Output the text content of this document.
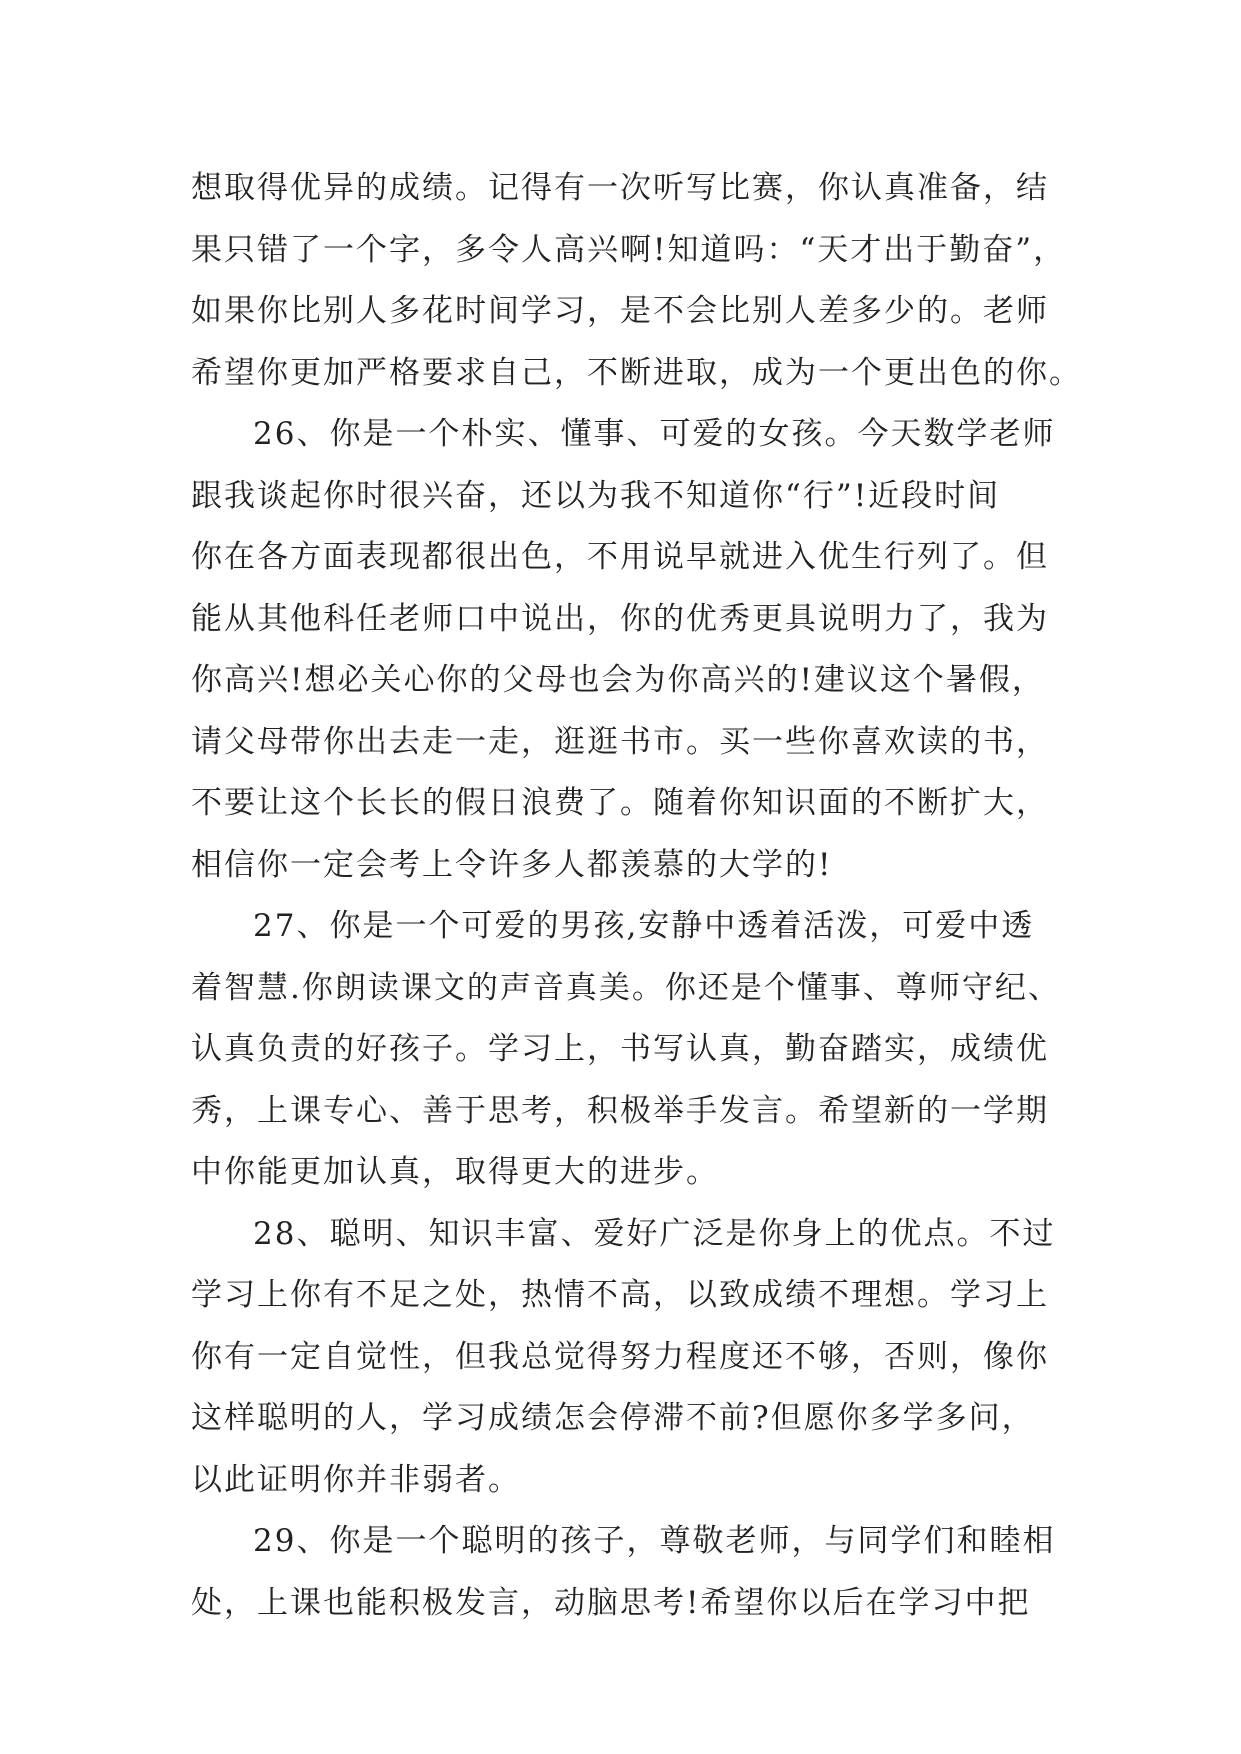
想取得优异的成绩。记得有一次听写比赛，你认真准备，结
果只错了一个字，多令人高兴啊!知道吗：“天才出于勤奋”，
如果你比别人多花时间学习，是不会比别人差多少的。老师
希望你更加严格要求自己，不断进取，成为一个更出色的你。
26、你是一个朴实、懂事、可爱的女孩。今天数学老师
跟我谈起你时很兴奋，还以为我不知道你“行”!近段时间
你在各方面表现都很出色，不用说早就进入优生行列了。但
能从其他科任老师口中说出，你的优秀更具说明力了，我为
你高兴!想必关心你的父母也会为你高兴的!建议这个暑假，
请父母带你出去走一走，逛逛书市。买一些你喜欢读的书，
不要让这个长长的假日浪费了。随着你知识面的不断扩大，
相信你一定会考上令许多人都羡慕的大学的!
27、你是一个可爱的男孩,安静中透着活泼，可爱中透
着智慧.你朗读课文的声音真美。你还是个懂事、尊师守纪、
认真负责的好孩子。学习上，书写认真，勤奋踏实，成绩优
秀，上课专心、善于思考，积极举手发言。希望新的一学期
中你能更加认真，取得更大的进步。
28、聪明、知识丰富、爱好广泛是你身上的优点。不过
学习上你有不足之处，热情不高，以致成绩不理想。学习上
你有一定自觉性，但我总觉得努力程度还不够，否则，像你
这样聪明的人，学习成绩怎会停滞不前?但愿你多学多问，
以此证明你并非弱者。
29、你是一个聪明的孩子，尊敬老师，与同学们和睦相
处，上课也能积极发言，动脑思考!希望你以后在学习中把
